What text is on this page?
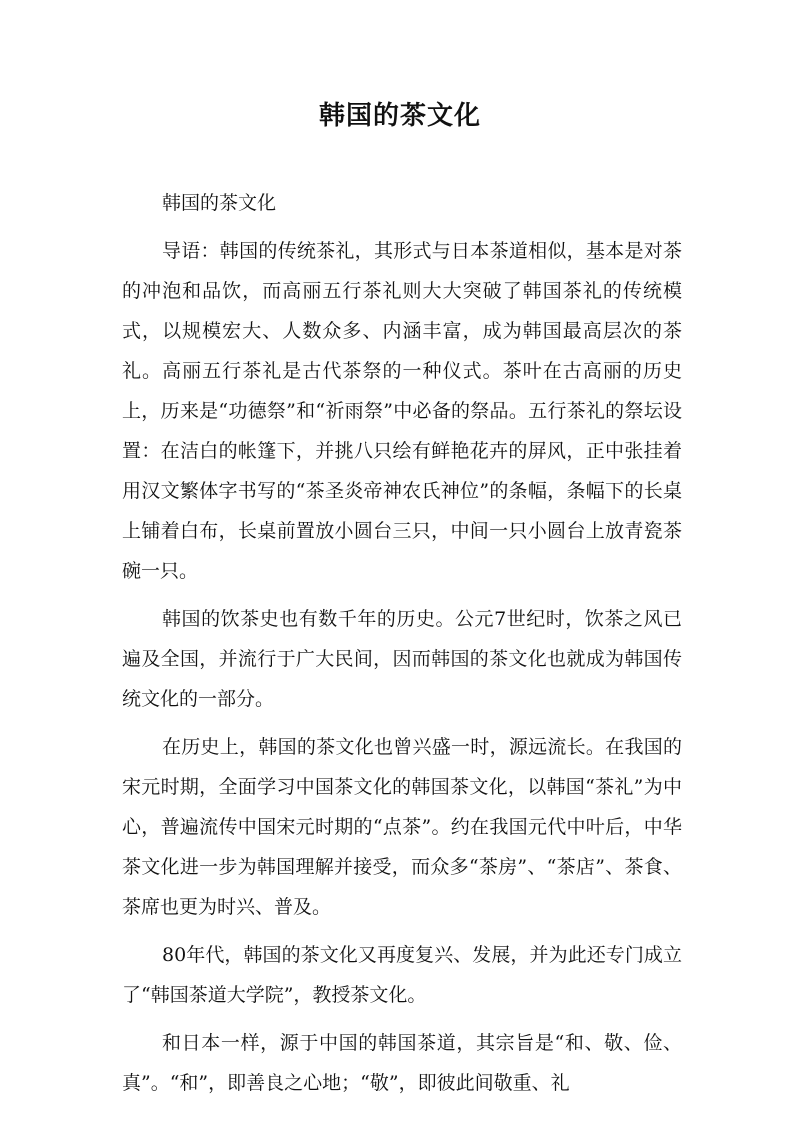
韩国的茶文化

韩国的茶文化

导语：韩国的传统茶礼，其形式与日本茶道相似，基本是对茶的冲泡和品饮，而高丽五行茶礼则大大突破了韩国茶礼的传统模式，以规模宏大、人数众多、内涵丰富，成为韩国最高层次的茶礼。高丽五行茶礼是古代茶祭的一种仪式。茶叶在古高丽的历史上，历来是“功德祭”和“祈雨祭”中必备的祭品。五行茶礼的祭坛设置：在洁白的帐篷下，并挑八只绘有鲜艳花卉的屏风，正中张挂着用汉文繁体字书写的“茶圣炎帝神农氏神位”的条幅，条幅下的长桌上铺着白布，长桌前置放小圆台三只，中间一只小圆台上放青瓷茶碗一只。

韩国的饮茶史也有数千年的历史。公元7世纪时，饮茶之风已遍及全国，并流行于广大民间，因而韩国的茶文化也就成为韩国传统文化的一部分。

在历史上，韩国的茶文化也曾兴盛一时，源远流长。在我国的宋元时期，全面学习中国茶文化的韩国茶文化，以韩国“茶礼”为中心，普遍流传中国宋元时期的“点茶”。约在我国元代中叶后，中华茶文化进一步为韩国理解并接受，而众多“茶房”、“茶店”、茶食、茶席也更为时兴、普及。

80年代，韩国的茶文化又再度复兴、发展，并为此还专门成立了“韩国茶道大学院”，教授茶文化。

和日本一样，源于中国的韩国茶道，其宗旨是“和、敬、俭、真”。“和”，即善良之心地；“敬”，即彼此间敬重、礼
